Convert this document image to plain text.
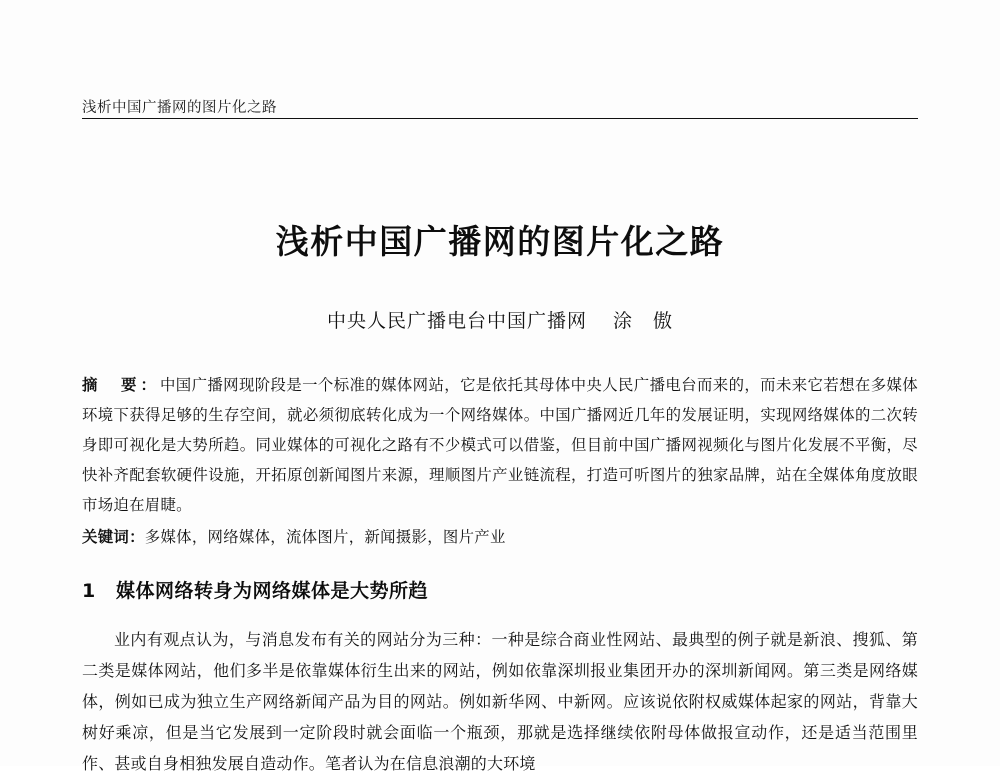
浅析中国广播网的图片化之路
浅析中国广播网的图片化之路
中央人民广播电台中国广播网 涂　傲
摘　要：中国广播网现阶段是一个标准的媒体网站，它是依托其母体中央人民广播电台而来的，而未来它若想在多媒体环境下获得足够的生存空间，就必须彻底转化成为一个网络媒体。中国广播网近几年的发展证明，实现网络媒体的二次转身即可视化是大势所趋。同业媒体的可视化之路有不少模式可以借鉴，但目前中国广播网视频化与图片化发展不平衡，尽快补齐配套软硬件设施，开拓原创新闻图片来源，理顺图片产业链流程，打造可听图片的独家品牌，站在全媒体角度放眼市场迫在眉睫。
关键词：多媒体，网络媒体，流体图片，新闻摄影，图片产业
1 媒体网络转身为网络媒体是大势所趋
业内有观点认为，与消息发布有关的网站分为三种：一种是综合商业性网站、最典型的例子就是新浪、搜狐、第二类是媒体网站，他们多半是依靠媒体衍生出来的网站，例如依靠深圳报业集团开办的深圳新闻网。第三类是网络媒体，例如已成为独立生产网络新闻产品为目的网站。例如新华网、中新网。应该说依附权威媒体起家的网站，背靠大树好乘凉，但是当它发展到一定阶段时就会面临一个瓶颈，那就是选择继续依附母体做报宣动作，还是适当范围里作、甚或自身相独发展自造动作。笔者认为在信息浪潮的大环境
